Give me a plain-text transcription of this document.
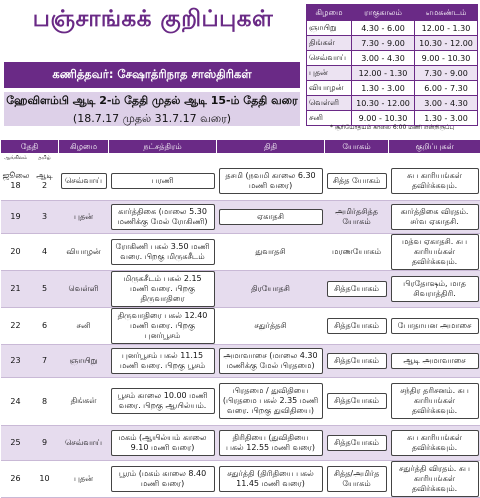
பஞ்சாங்கக் குறிப்புகள்
கணித்தவர்: சேஷாத்ரிநாத சாஸ்திரிகள்
ஹேவிளம்பி ஆடி 2-ம் தேதி முதல் ஆடி 15-ம் தேதி வரை
(18.7.17 முதல் 31.7.17 வரை)
கிழமை	ராகுகாலம்	எமகண்டம்
ஞாயிறு	4.30 - 6.00	12.00 - 1.30
திங்கள்	7.30 - 9.00	10.30 - 12.00
செவ்வாய்	3.00 - 4.30	9.00 - 10.30
புதன்	12.00 - 1.30	7.30 - 9.00
வியாழன்	1.30 - 3.00	6.00 - 7.30
வெள்ளி	10.30 - 12.00	3.00 - 4.30
சனி	9.00 - 10.30	1.30 - 3.00
* சூரியோதயம் காலை 6:00 மணி என்றிருப்பு
தேதி		கிழமை	நட்சத்திரம்	திதி	யோகம்	குறிப்புகள்
ஆங்கிலம்	தமிழ்					
ஜூலை 18	ஆடி 2	செவ்வாய்	பரணி	தசமி (நவமி காலை 6.30 மணி வரை)	சித்த யோகம்	சுப காரியங்கள் தவிர்க்கவும்.

19	3	புதன்	கார்த்திகை (மாலை 5.30 மணிக்கு மேல் ரோகிணி)	ஏகாதசி	அமிர்தசித்த யோகம்	கார்த்திகை விரதம். சர்வ ஏகாதசி.

20	4	வியாழன்	ரோகிணி பகல் 3.50 மணி வரை. பிறகு மிருகசீடம்	துவாதசி	மரணயோகம்	மத்வ ஏகாதசி. சுப காரியங்கள் தவிர்க்கவும்.

21	5	வெள்ளி	மிருகசீடம் பகல் 2.15 மணி வரை. பிறகு திருவாதிரை	திரயோதசி	சித்தயோகம்	பிரதோஷம், மாத சிவராத்திரி.

22	6	சனி	திருவாதிரை பகல் 12.40 மணி வரை. பிறகு புனர்பூசம்	சதுர்த்தசி	சித்தயோகம்	போதாயன அமாசை

23	7	ஞாயிறு	புனர்பூசம் பகல் 11.15 மணி வரை. பிறகு பூசம்	அமாவாசை (மாலை 4.30 மணிக்கு மேல் பிரதமை)	சித்தயோகம்	ஆடி அமாவாசை

24	8	திங்கள்	பூசம் காலை 10.00 மணி வரை. பிறகு ஆயில்யம்.	பிரதமை / துவிதியை (பிரதமை பகல் 2.35 மணி வரை. பிறகு துவிதியை)	சித்தயோகம்	சந்திர தரிசனம். சுப காரியங்கள் தவிர்க்கவும்.

25	9	செவ்வாய்	மகம் (ஆயில்யம் காலை 9.10 மணி வரை)	திரிதியை (துவிதியை பகல் 12.55 மணி வரை)	சித்தயோகம்	சுப காரியங்கள் தவிர்க்கவும்.

26	10	புதன்	பூரம் (மகம் காலை 8.40 மணி வரை)	சதுர்த்தி (திரிதியை பகல் 11.45 மணி வரை)	சித்த/அமிர்த யோகம்	சதுர்த்தி விரதம். சுப காரியங்கள் தவிர்க்கவும்.
